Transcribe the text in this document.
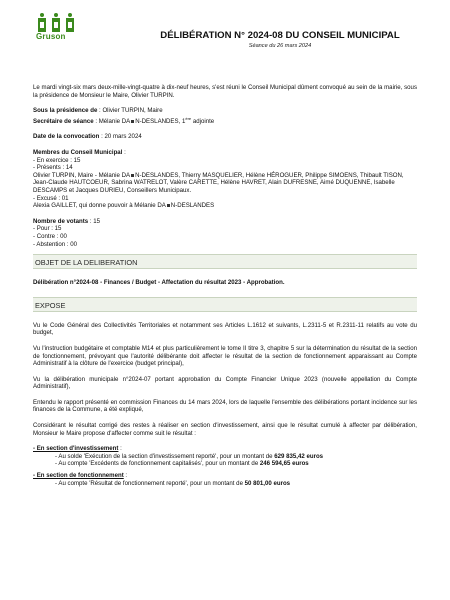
Gruson	DÉLIBÉRATION N° 2024-08 DU CONSEIL MUNICIPAL
Séance du 26 mars 2024

Le mardi vingt-six mars deux-mille-vingt-quatre à dix-neuf heures, s'est réuni le Conseil Municipal dûment convoqué au sein de la mairie, sous la présidence de Monsieur le Maire, Olivier TURPIN.

Sous la présidence de : Olivier TURPIN, Maire

Secrétaire de séance : Mélanie DA N-DESLANDES, 1ère adjointe

Date de la convocation : 20 mars 2024

Membres du Conseil Municipal :

- En exercice : 15

- Présents : 14

Olivier TURPIN, Maire - Mélanie DA N-DESLANDES, Thierry MASQUELIER, Hélène HÉROGUER, Philippe SIMOENS, Thibault TISON, Jean-Claude HAUTCOEUR, Sabrina WATRELOT, Valère CARETTE, Hélène HAVRET, Alain DUFRESNE, Aimé DUQUENNE, Isabelle DESCAMPS et Jacques DURIEU, Conseillers Municipaux.

- Excusé : 01

Alexia GAILLET, qui donne pouvoir à Mélanie DA N-DESLANDES

Nombre de votants : 15

- Pour : 15

- Contre : 00

- Abstention : 00

OBJET DE LA DELIBERATION

Délibération n°2024-08 - Finances / Budget - Affectation du résultat 2023 - Approbation.

EXPOSE

Vu le Code Général des Collectivités Territoriales et notamment ses Articles L.1612 et suivants, L.2311-5 et R.2311-11 relatifs au vote du budget,

Vu l'instruction budgétaire et comptable M14 et plus particulièrement le tome II titre 3, chapitre 5 sur la détermination du résultat de la section de fonctionnement, prévoyant que l'autorité délibérante doit affecter le résultat de la section de fonctionnement apparaissant au Compte Administratif à la clôture de l'exercice (budget principal),

Vu la délibération municipale n°2024-07 portant approbation du Compte Financier Unique 2023 (nouvelle appellation du Compte Administratif),

Entendu le rapport présenté en commission Finances du 14 mars 2024, lors de laquelle l'ensemble des délibérations portant incidence sur les finances de la Commune, a été expliqué,

Considérant le résultat corrigé des restes à réaliser en section d'investissement, ainsi que le résultat cumulé à affecter par délibération, Monsieur le Maire propose d'affecter comme suit le résultat :

- En section d'investissement :

- Au solde 'Exécution de la section d'investissement reporté', pour un montant de 629 835,42 euros

- Au compte 'Excédents de fonctionnement capitalisés', pour un montant de 246 594,65 euros

- En section de fonctionnement :

- Au compte 'Résultat de fonctionnement reporté', pour un montant de 50 801,00 euros
